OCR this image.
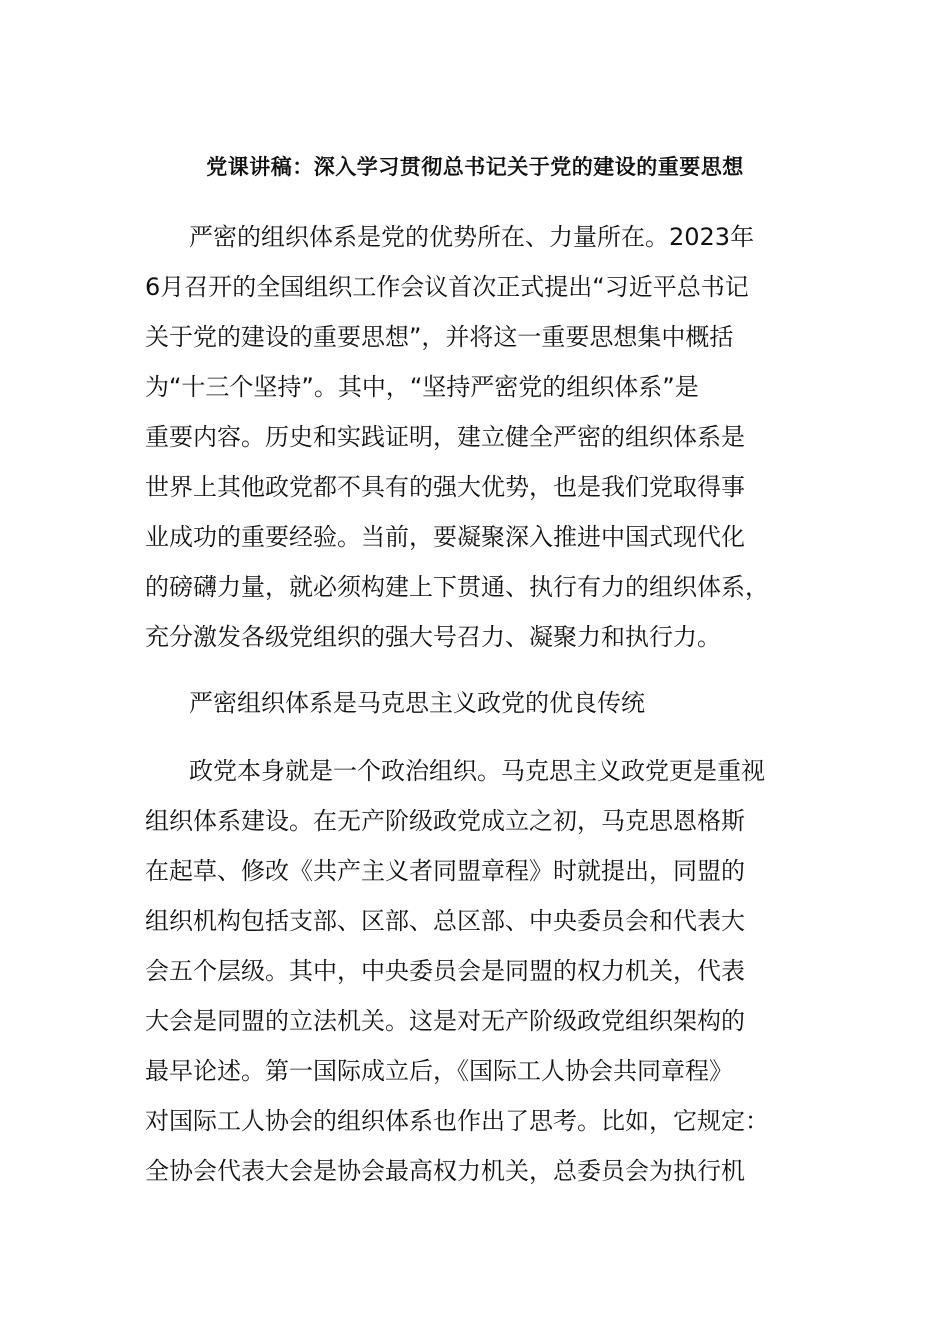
党课讲稿：深入学习贯彻总书记关于党的建设的重要思想
严密的组织体系是党的优势所在、力量所在。2023年
6月召开的全国组织工作会议首次正式提出“习近平总书记
关于党的建设的重要思想”，并将这一重要思想集中概括
为“十三个坚持”。其中，“坚持严密党的组织体系”是
重要内容。历史和实践证明，建立健全严密的组织体系是
世界上其他政党都不具有的强大优势，也是我们党取得事
业成功的重要经验。当前，要凝聚深入推进中国式现代化
的磅礴力量，就必须构建上下贯通、执行有力的组织体系，
充分激发各级党组织的强大号召力、凝聚力和执行力。
严密组织体系是马克思主义政党的优良传统
政党本身就是一个政治组织。马克思主义政党更是重视
组织体系建设。在无产阶级政党成立之初，马克思恩格斯
在起草、修改《共产主义者同盟章程》时就提出，同盟的
组织机构包括支部、区部、总区部、中央委员会和代表大
会五个层级。其中，中央委员会是同盟的权力机关，代表
大会是同盟的立法机关。这是对无产阶级政党组织架构的
最早论述。第一国际成立后，《国际工人协会共同章程》
对国际工人协会的组织体系也作出了思考。比如，它规定：
全协会代表大会是协会最高权力机关，总委员会为执行机
